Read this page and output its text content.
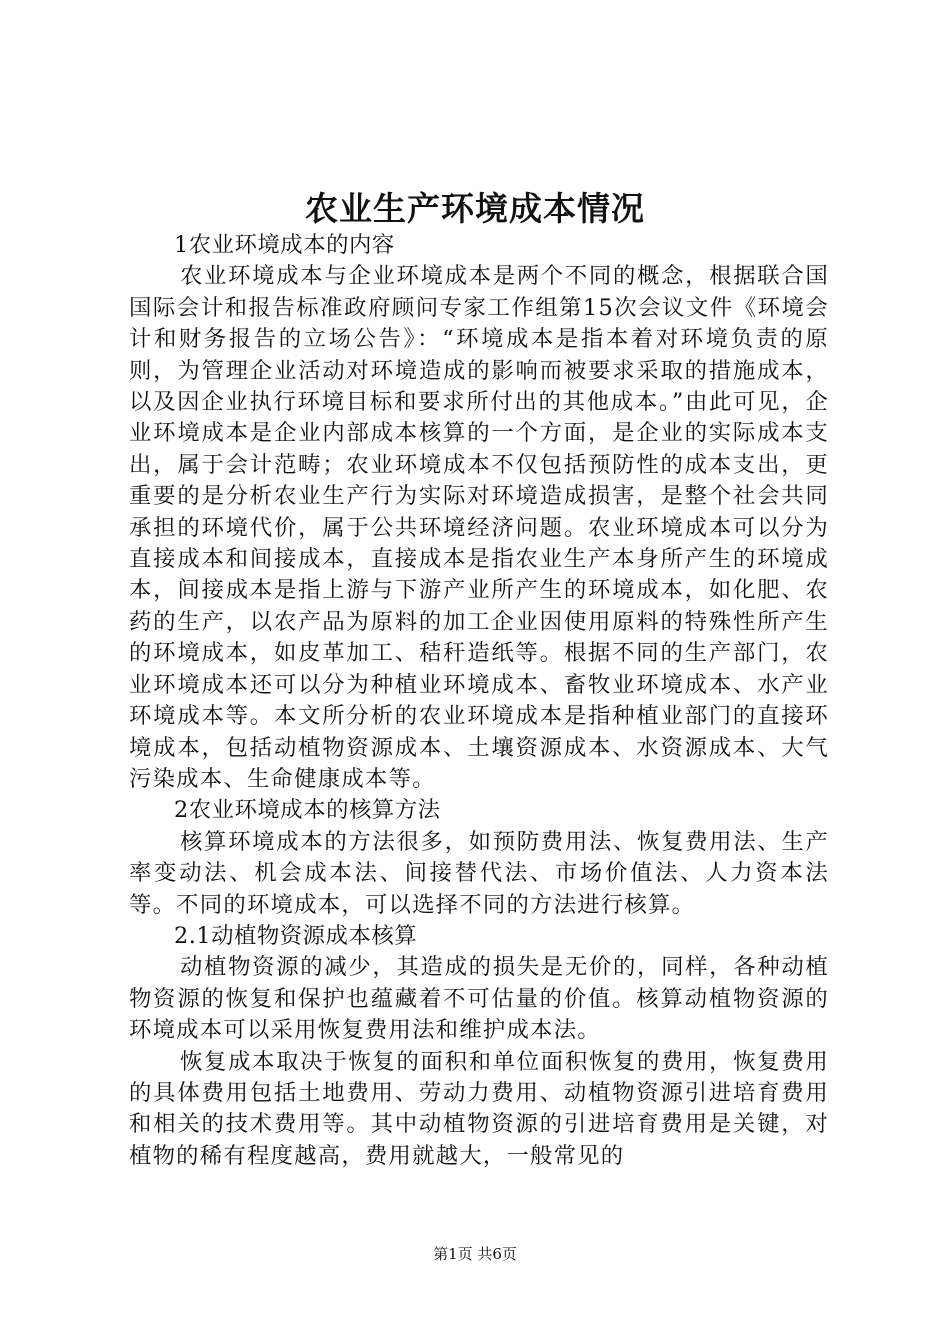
农业生产环境成本情况

1农业环境成本的内容

农业环境成本与企业环境成本是两个不同的概念，根据联合国国际会计和报告标准政府顾问专家工作组第15次会议文件《环境会计和财务报告的立场公告》：“环境成本是指本着对环境负责的原则，为管理企业活动对环境造成的影响而被要求采取的措施成本，以及因企业执行环境目标和要求所付出的其他成本。”由此可见，企业环境成本是企业内部成本核算的一个方面，是企业的实际成本支出，属于会计范畴；农业环境成本不仅包括预防性的成本支出，更重要的是分析农业生产行为实际对环境造成损害，是整个社会共同承担的环境代价，属于公共环境经济问题。农业环境成本可以分为直接成本和间接成本，直接成本是指农业生产本身所产生的环境成本，间接成本是指上游与下游产业所产生的环境成本，如化肥、农药的生产，以农产品为原料的加工企业因使用原料的特殊性所产生的环境成本，如皮革加工、秸秆造纸等。根据不同的生产部门，农业环境成本还可以分为种植业环境成本、畜牧业环境成本、水产业环境成本等。本文所分析的农业环境成本是指种植业部门的直接环境成本，包括动植物资源成本、土壤资源成本、水资源成本、大气污染成本、生命健康成本等。

2农业环境成本的核算方法

核算环境成本的方法很多，如预防费用法、恢复费用法、生产率变动法、机会成本法、间接替代法、市场价值法、人力资本法等。不同的环境成本，可以选择不同的方法进行核算。

2.1动植物资源成本核算

动植物资源的减少，其造成的损失是无价的，同样，各种动植物资源的恢复和保护也蕴藏着不可估量的价值。核算动植物资源的环境成本可以采用恢复费用法和维护成本法。

恢复成本取决于恢复的面积和单位面积恢复的费用，恢复费用的具体费用包括土地费用、劳动力费用、动植物资源引进培育费用和相关的技术费用等。其中动植物资源的引进培育费用是关键，对植物的稀有程度越高，费用就越大，一般常见的

第1页 共6页
